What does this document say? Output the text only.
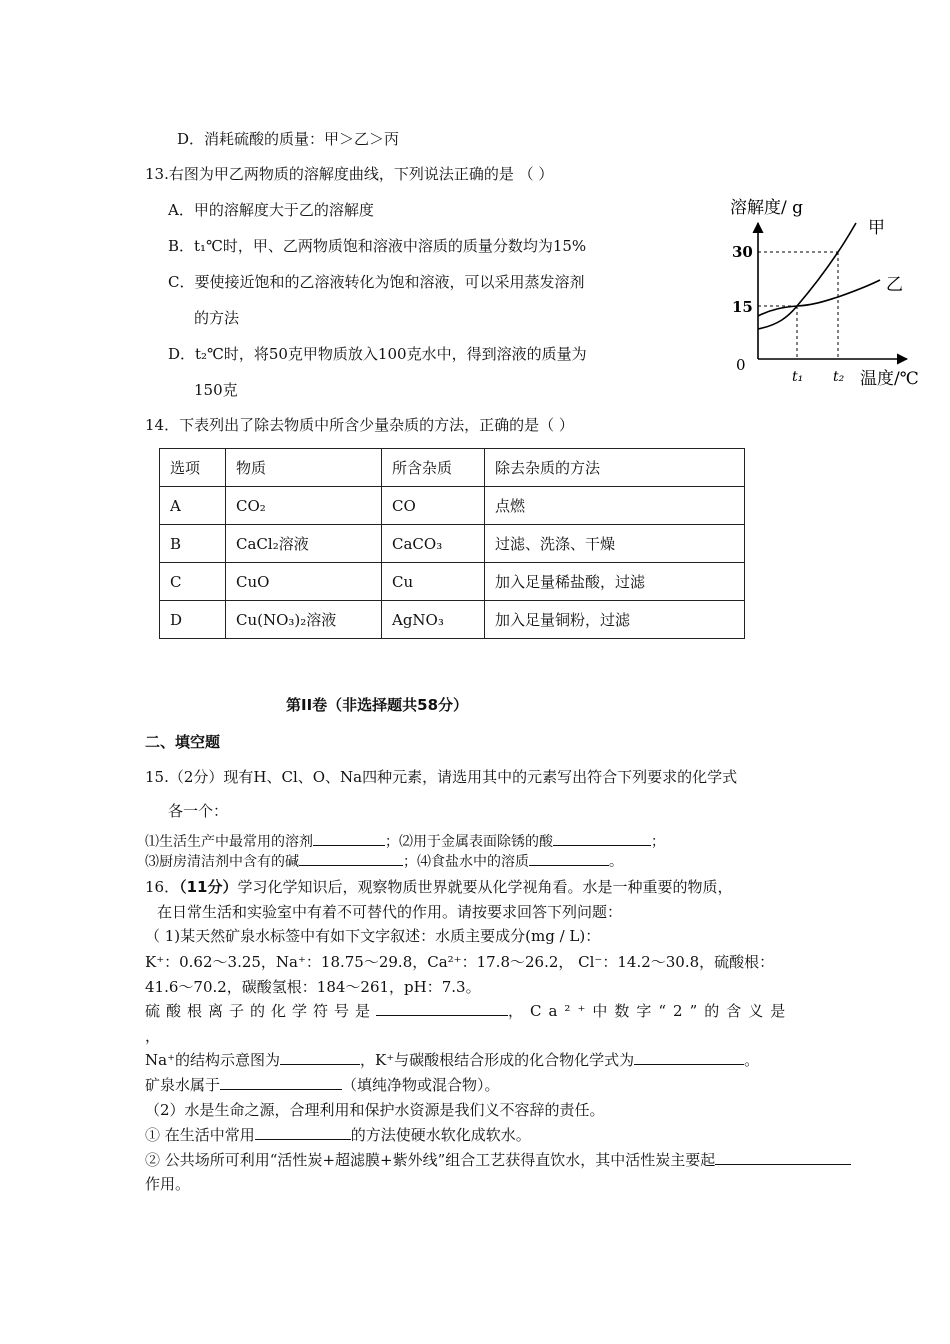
D．消耗硫酸的质量：甲＞乙＞丙
13.右图为甲乙两物质的溶解度曲线，下列说法正确的是 （ ）
A．甲的溶解度大于乙的溶解度
B．t₁℃时，甲、乙两物质饱和溶液中溶质的质量分数均为15%
C．要使接近饱和的乙溶液转化为饱和溶液，可以采用蒸发溶剂
的方法
D．t₂℃时，将50克甲物质放入100克水中，得到溶液的质量为
150克
溶解度/ g
0
30
15
甲
乙
t₁ t₂ 温度/℃
14．下表列出了除去物质中所含少量杂质的方法，正确的是（ ）
选项	物质	所含杂质	除去杂质的方法
A	CO₂	CO	点燃
B	CaCl₂溶液	CaCO₃	过滤、洗涤、干燥
C	CuO	Cu	加入足量稀盐酸，过滤
D	Cu(NO₃)₂溶液	AgNO₃	加入足量铜粉，过滤
第II卷（非选择题共58分）
二、填空题
15.（2分）现有H、Cl、O、Na四种元素，请选用其中的元素写出符合下列要求的化学式
各一个：
⑴生活生产中最常用的溶剂	；⑵用于金属表面除锈的酸	；
⑶厨房清洁剂中含有的碱	；⑷食盐水中的溶质	。
16．（11分）学习化学知识后，观察物质世界就要从化学视角看。水是一种重要的物质，
在日常生活和实验室中有着不可替代的作用。请按要求回答下列问题：
（ 1)某天然矿泉水标签中有如下文字叙述：水质主要成分(mg / L)：
K⁺：0.62～3.25，Na⁺：18.75～29.8，Ca²⁺：17.8～26.2， Cl⁻：14.2～30.8，硫酸根：
41.6～70.2，碳酸氢根：184～261，pH：7.3。
硫酸根离子的化学符号是	，Ca²⁺中数字“2”的含义是
，
Na⁺的结构示意图为	，K⁺与碳酸根结合形成的化合物化学式为	。
矿泉水属于	（填纯净物或混合物）。
（2）水是生命之源，合理利用和保护水资源是我们义不容辞的责任。
① 在生活中常用	的方法使硬水软化成软水。
② 公共场所可利用“活性炭+超滤膜+紫外线”组合工艺获得直饮水，其中活性炭主要起
作用。
